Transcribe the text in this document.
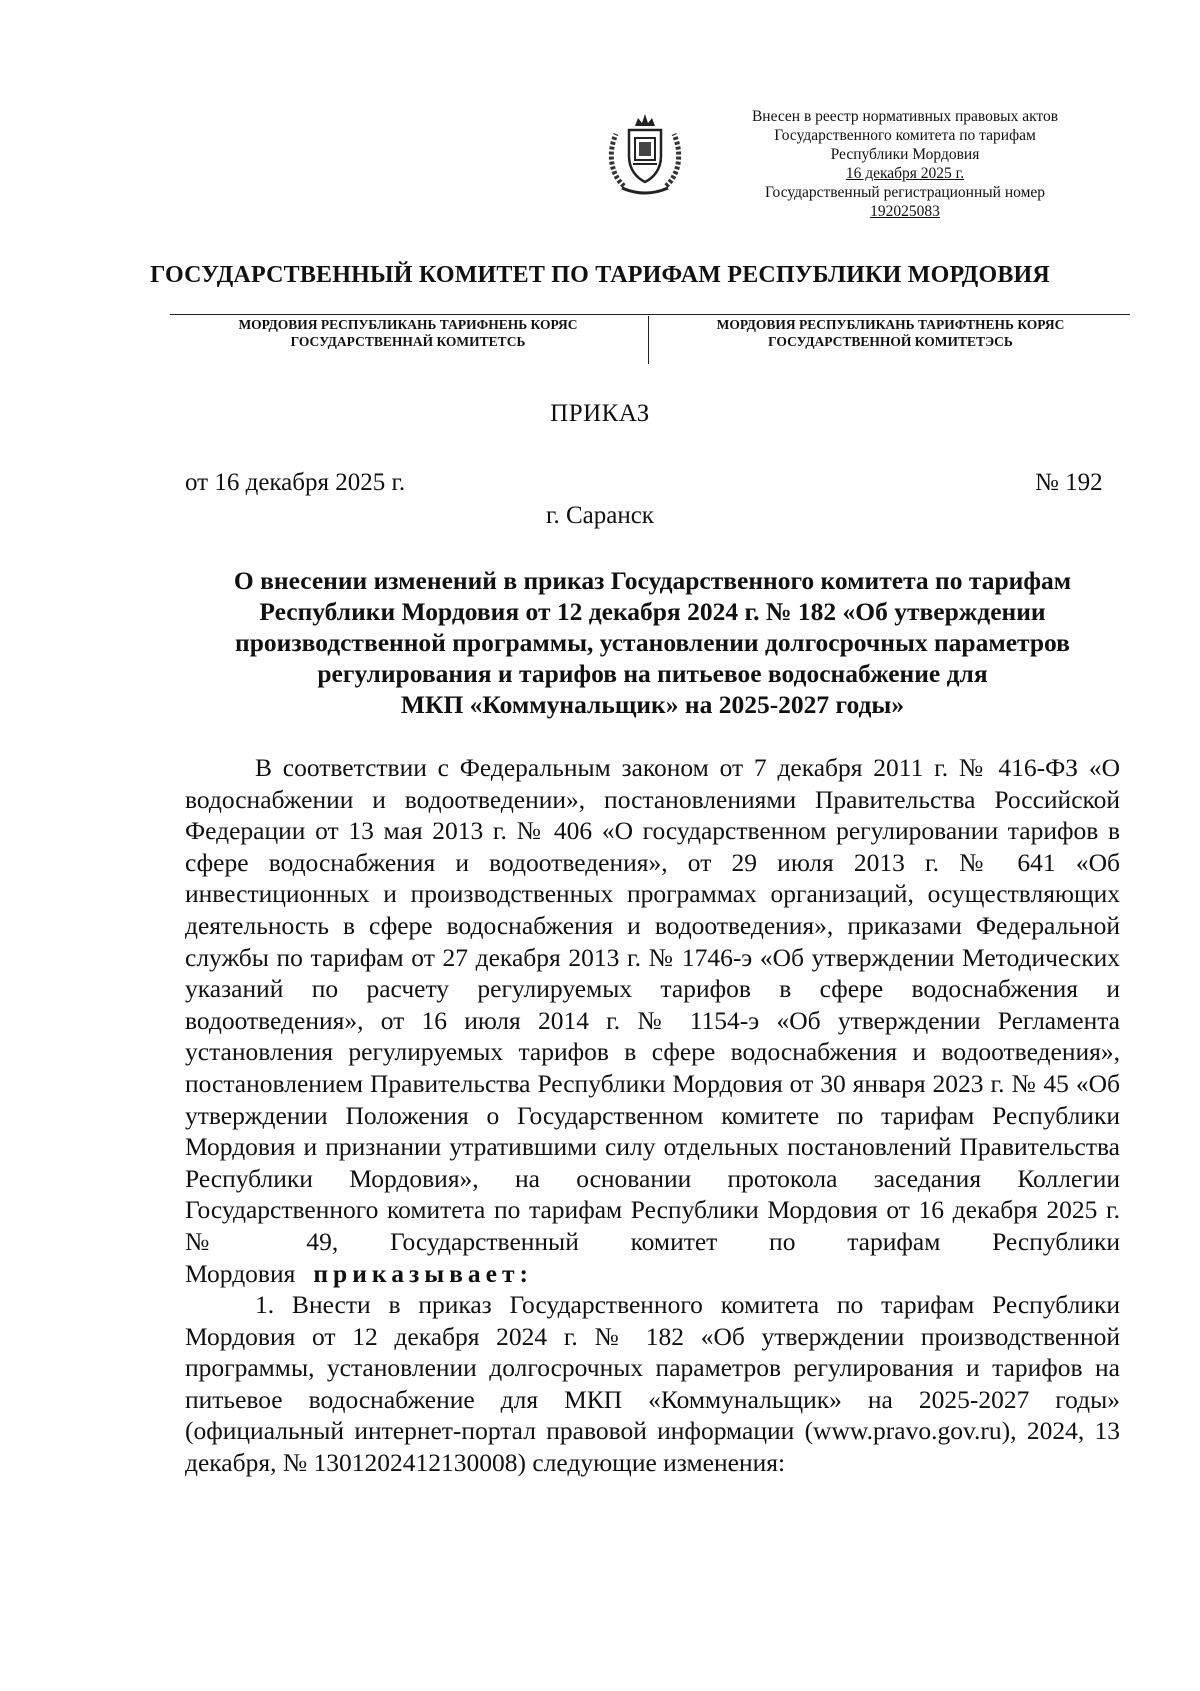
Внесен в реестр нормативных правовых актов
Государственного комитета по тарифам
Республики Мордовия
16 декабря 2025 г.
Государственный регистрационный номер
192025083
ГОСУДАРСТВЕННЫЙ КОМИТЕТ ПО ТАРИФАМ РЕСПУБЛИКИ МОРДОВИЯ
МОРДОВИЯ РЕСПУБЛИКАНЬ ТАРИФНЕНЬ КОРЯС
ГОСУДАРСТВЕННАЙ КОМИТЕТСЬ
МОРДОВИЯ РЕСПУБЛИКАНЬ ТАРИФТНЕНЬ КОРЯС
ГОСУДАРСТВЕННОЙ КОМИТЕТЭСЬ
ПРИКАЗ
от 16 декабря 2025 г.	№ 192
г. Саранск
О внесении изменений в приказ Государственного комитета по тарифам
Республики Мордовия от 12 декабря 2024 г. № 182 «Об утверждении
производственной программы, установлении долгосрочных параметров
регулирования и тарифов на питьевое водоснабжение для
МКП «Коммунальщик» на 2025-2027 годы»

В соответствии с Федеральным законом от 7 декабря 2011 г. № 416-ФЗ «О водоснабжении и водоотведении», постановлениями Правительства Российской Федерации от 13 мая 2013 г. № 406 «О государственном регулировании тарифов в сфере водоснабжения и водоотведения», от 29 июля 2013 г. № 641 «Об инвестиционных и производственных программах организаций, осуществляющих деятельность в сфере водоснабжения и водоотведения», приказами Федеральной службы по тарифам от 27 декабря 2013 г. № 1746-э «Об утверждении Методических указаний по расчету регулируемых тарифов в сфере водоснабжения и водоотведения», от 16 июля 2014 г. № 1154-э «Об утверждении Регламента установления регулируемых тарифов в сфере водоснабжения и водоотведения», постановлением Правительства Республики Мордовия от 30 января 2023 г. № 45 «Об утверждении Положения о Государственном комитете по тарифам Республики Мордовия и признании утратившими силу отдельных постановлений Правительства Республики Мордовия», на основании протокола заседания Коллегии Государственного комитета по тарифам Республики Мордовия от 16 декабря 2025 г. № 49, Государственный комитет по тарифам Республики Мордовия приказывает:

1. Внести в приказ Государственного комитета по тарифам Республики Мордовия от 12 декабря 2024 г. № 182 «Об утверждении производственной программы, установлении долгосрочных параметров регулирования и тарифов на питьевое водоснабжение для МКП «Коммунальщик» на 2025-2027 годы» (официальный интернет-портал правовой информации (www.pravo.gov.ru), 2024, 13 декабря, № 1301202412130008) следующие изменения:
